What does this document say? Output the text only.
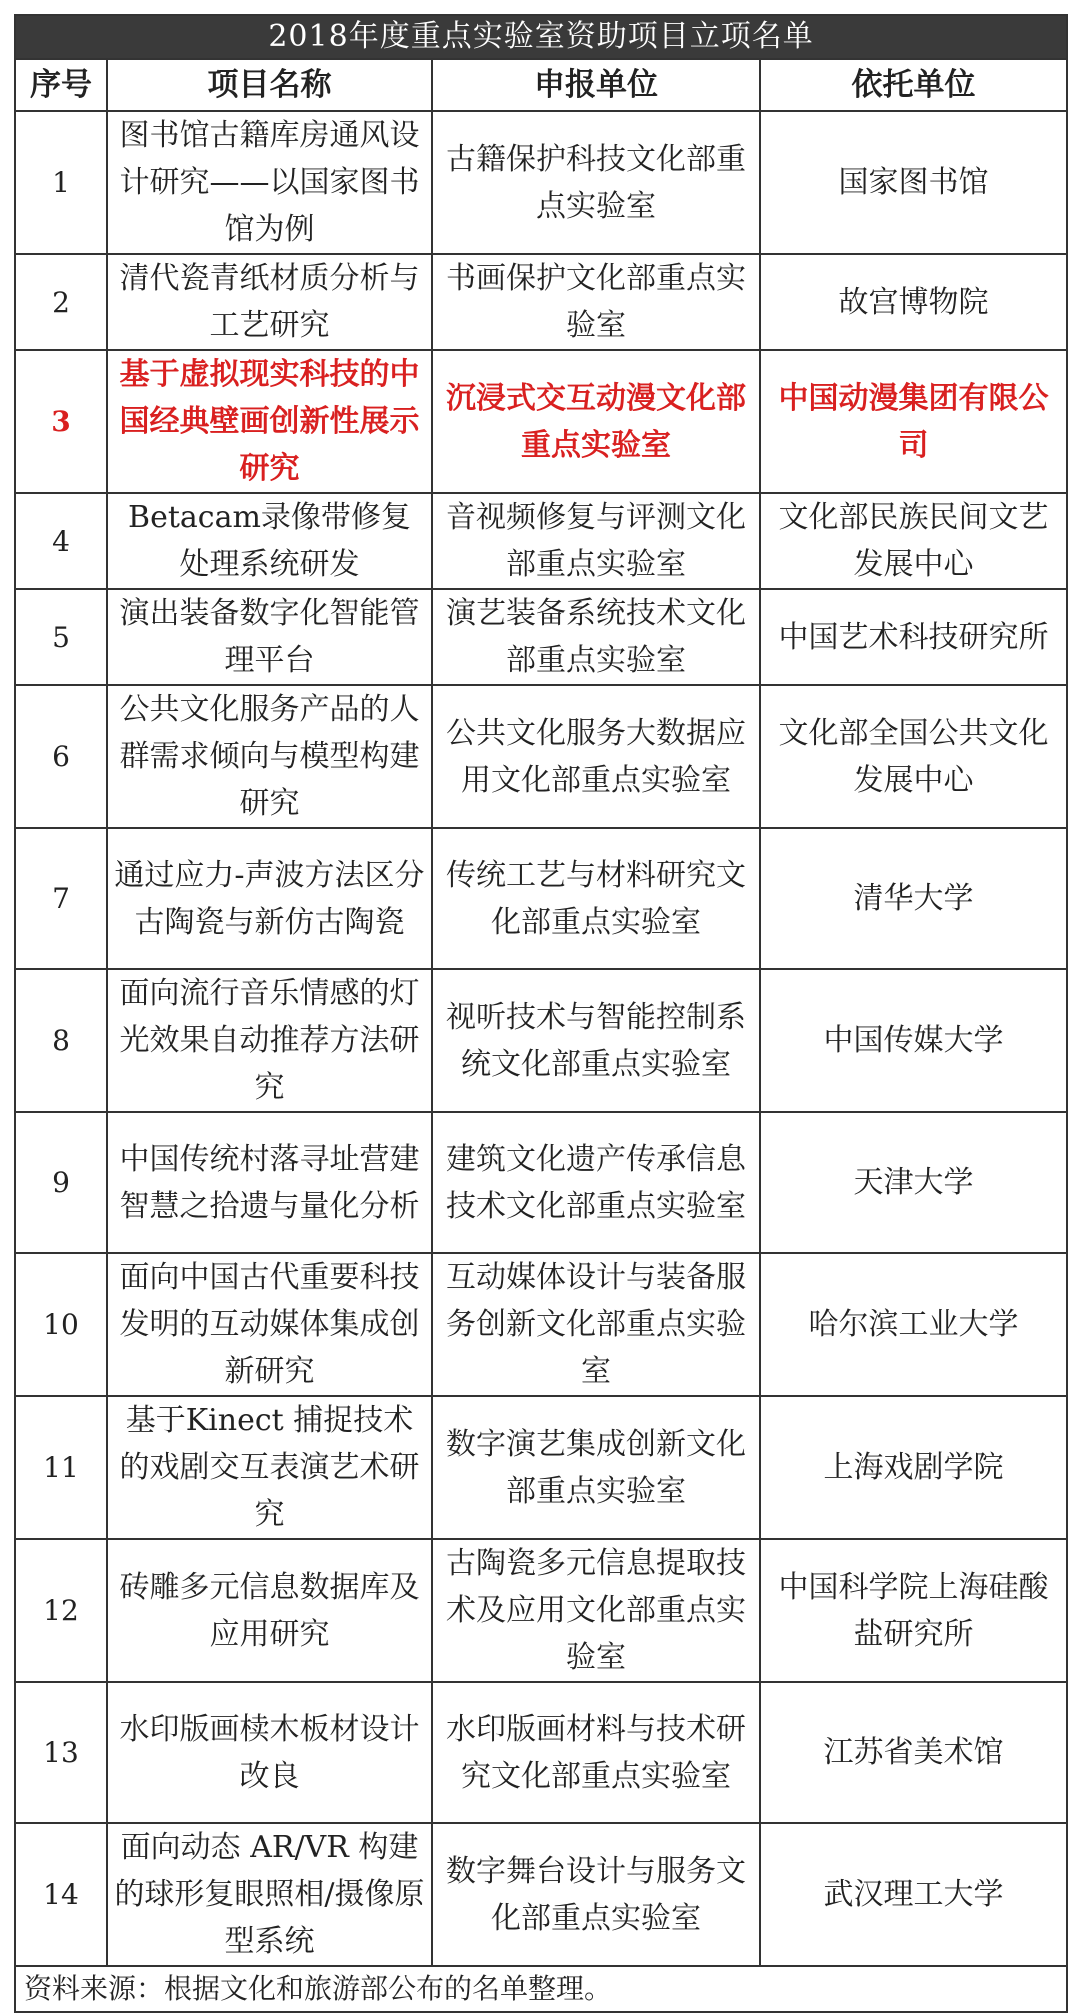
2018年度重点实验室资助项目立项名单			
序号	项目名称	申报单位	依托单位
1	图书馆古籍库房通风设计研究——以国家图书馆为例	古籍保护科技文化部重点实验室	国家图书馆
2	清代瓷青纸材质分析与工艺研究	书画保护文化部重点实验室	故宫博物院
3	基于虚拟现实科技的中国经典壁画创新性展示研究	沉浸式交互动漫文化部重点实验室	中国动漫集团有限公司
4	Betacam录像带修复处理系统研发	音视频修复与评测文化部重点实验室	文化部民族民间文艺发展中心
5	演出装备数字化智能管理平台	演艺装备系统技术文化部重点实验室	中国艺术科技研究所
6	公共文化服务产品的人群需求倾向与模型构建研究	公共文化服务大数据应用文化部重点实验室	文化部全国公共文化发展中心
7	通过应力-声波方法区分古陶瓷与新仿古陶瓷	传统工艺与材料研究文化部重点实验室	清华大学
8	面向流行音乐情感的灯光效果自动推荐方法研究	视听技术与智能控制系统文化部重点实验室	中国传媒大学
9	中国传统村落寻址营建智慧之拾遗与量化分析	建筑文化遗产传承信息技术文化部重点实验室	天津大学
10	面向中国古代重要科技发明的互动媒体集成创新研究	互动媒体设计与装备服务创新文化部重点实验室	哈尔滨工业大学
11	基于Kinect 捕捉技术的戏剧交互表演艺术研究	数字演艺集成创新文化部重点实验室	上海戏剧学院
12	砖雕多元信息数据库及应用研究	古陶瓷多元信息提取技术及应用文化部重点实验室	中国科学院上海硅酸盐研究所
13	水印版画椟木板材设计改良	水印版画材料与技术研究文化部重点实验室	江苏省美术馆
14	面向动态 AR/VR 构建的球形复眼照相/摄像原型系统	数字舞台设计与服务文化部重点实验室	武汉理工大学
资料来源：根据文化和旅游部公布的名单整理。			
